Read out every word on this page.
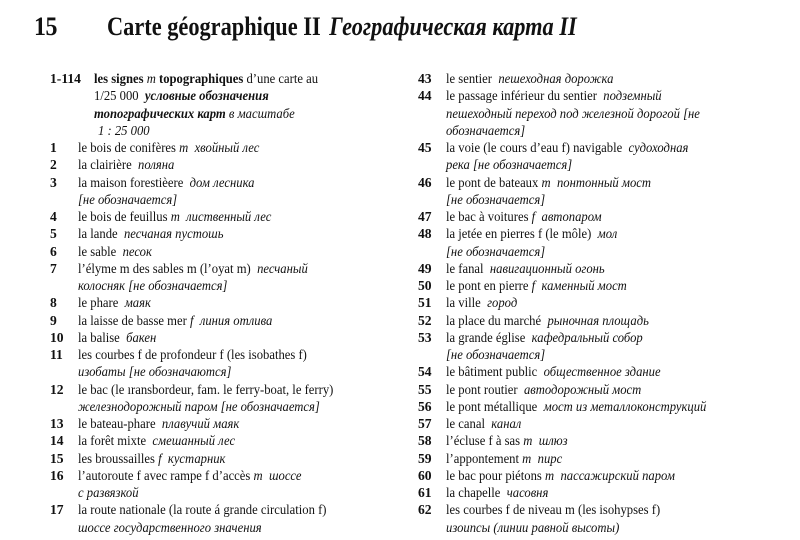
15 Carte géographique II Географическая карта II
1-114 les signes m topographiques d’une carte au
1/25 000 условные обозначения
топографических карт в масштабе
1 : 25 000
1	le bois de conifères m хвойный лес
2	la clairière  поляна
3	la maison forestièere  дом лесника
[не обозначается]
4	le bois de feuillus m лиственный лес
5	la lande  песчаная пустошь
6	le sable  песок
7	l’élyme m des sables m (l’oyat m)  песчаный
колосняк [не обозначается]
8	le phare  маяк
9	la laisse de basse mer f линия отлива
10	la balise  бакен
11	les courbes f de profondeur f (les isobathes f)
изобаты [не обозначаются]
12	le bac (le ıransbordeur, fam. le ferry-boat, le ferry)
железнодорожный паром [не обозначается]
13	le bateau-phare  плавучий маяк
14	la forêt mixte  смешанный лес
15	les broussailles f кустарник
16	l’autoroute f avec rampe f d’accès m шоссе
с развязкой
17	la route nationale (la route á grande circulation f)
шоссе государственного значения
43	le sentier  пешеходная дорожка
44	le passage inférieur du sentier  подземный
пешеходный переход под железной дорогой [не
обозначается]
45	la voie (le cours d’eau f) navigable  судоходная
река [не обозначается]
46	le pont de bateaux m понтонный мост
[не обозначается]
47	le bac à voitures f автопаром
48	la jetée en pierres f (le môle)  мол
[не обозначается]
49	le fanal  навигационный огонь
50	le pont en pierre f каменный мост
51	la ville  город
52	la place du marché  рыночная площадь
53	la grande église  кафедральный собор
[не обозначается]
54	le bâtiment public  общественное здание
55	le pont routier  автодорожный мост
56	le pont métallique  мост из металлоконструкций
57	le canal  канал
58	l’écluse f à sas m шлюз
59	l’appontement m пирс
60	le bac pour piétons m пассажирский паром
61	la chapelle  часовня
62	les courbes f de niveau m (les isohypses f)
изоипсы (линии равной высоты)
